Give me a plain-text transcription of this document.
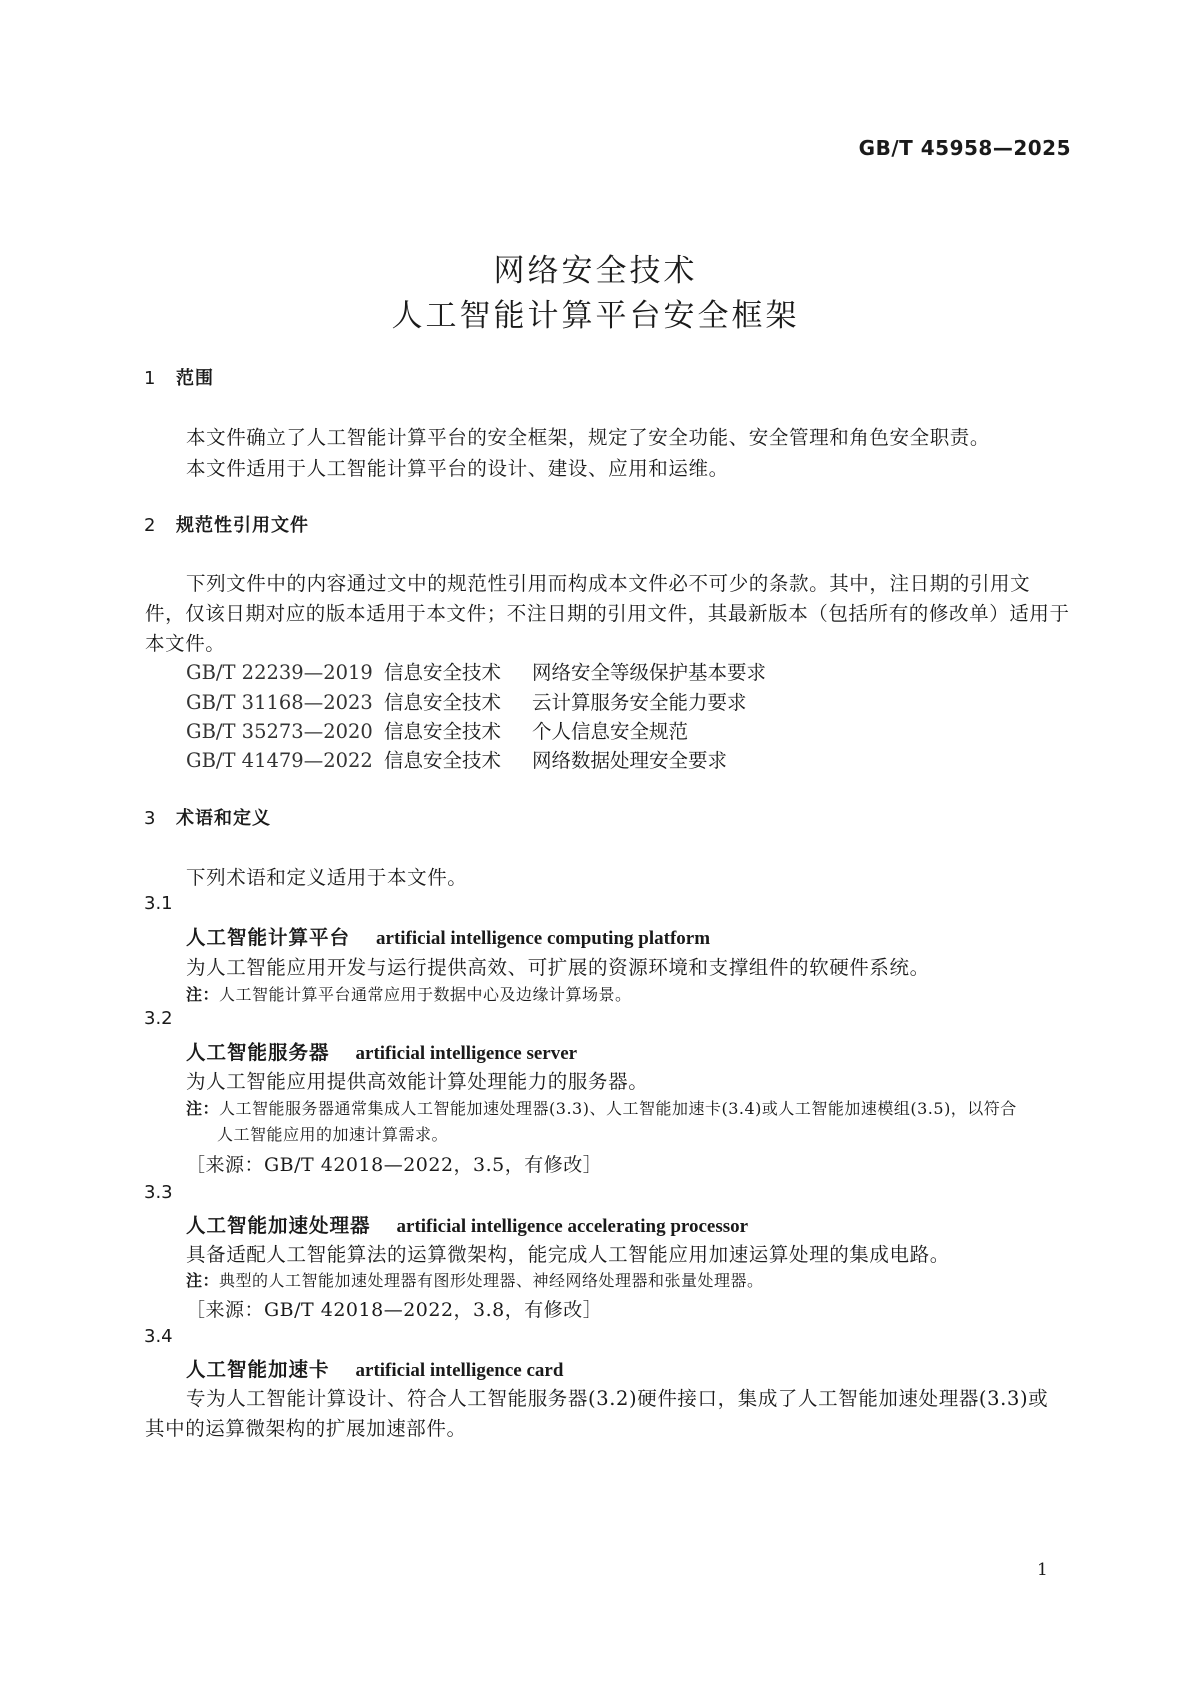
GB/T 45958—2025

网络安全技术

人工智能计算平台安全框架

1 范围

本文件确立了人工智能计算平台的安全框架，规定了安全功能、安全管理和角色安全职责。

本文件适用于人工智能计算平台的设计、建设、应用和运维。

2 规范性引用文件

下列文件中的内容通过文中的规范性引用而构成本文件必不可少的条款。其中，注日期的引用文

件，仅该日期对应的版本适用于本文件；不注日期的引用文件，其最新版本（包括所有的修改单）适用于

本文件。

GB/T 22239—2019 信息安全技术 网络安全等级保护基本要求

GB/T 31168—2023 信息安全技术 云计算服务安全能力要求

GB/T 35273—2020 信息安全技术 个人信息安全规范

GB/T 41479—2022 信息安全技术 网络数据处理安全要求

3 术语和定义

下列术语和定义适用于本文件。

3.1

人工智能计算平台 artificial intelligence computing platform

为人工智能应用开发与运行提供高效、可扩展的资源环境和支撑组件的软硬件系统。

注：人工智能计算平台通常应用于数据中心及边缘计算场景。

3.2

人工智能服务器 artificial intelligence server

为人工智能应用提供高效能计算处理能力的服务器。

注：人工智能服务器通常集成人工智能加速处理器(3.3)、人工智能加速卡(3.4)或人工智能加速模组(3.5)，以符合

人工智能应用的加速计算需求。

［来源：GB/T 42018—2022，3.5，有修改］

3.3

人工智能加速处理器 artificial intelligence accelerating processor

具备适配人工智能算法的运算微架构，能完成人工智能应用加速运算处理的集成电路。

注：典型的人工智能加速处理器有图形处理器、神经网络处理器和张量处理器。

［来源：GB/T 42018—2022，3.8，有修改］

3.4

人工智能加速卡 artificial intelligence card

专为人工智能计算设计、符合人工智能服务器(3.2)硬件接口，集成了人工智能加速处理器(3.3)或

其中的运算微架构的扩展加速部件。

1
